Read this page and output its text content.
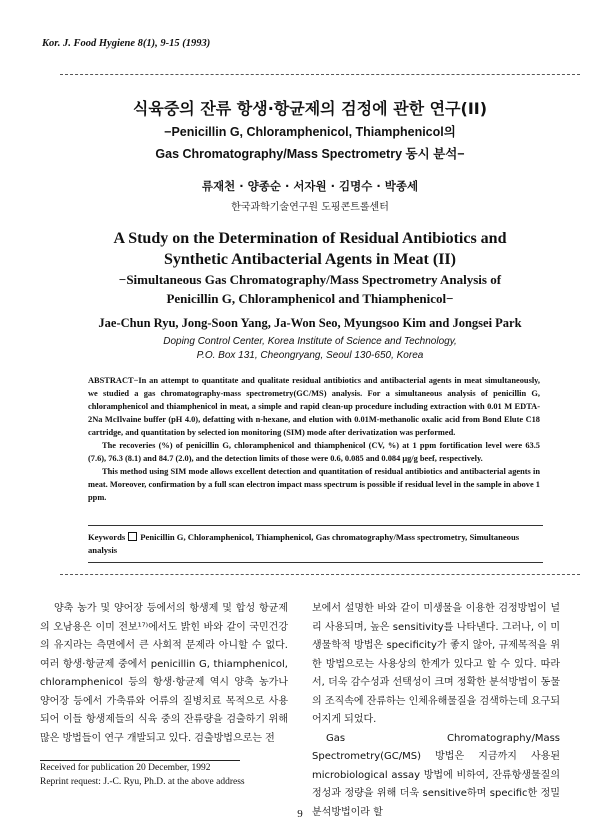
Kor. J. Food Hygiene 8(1), 9-15 (1993)
식육중의 잔류 항생·항균제의 검정에 관한 연구(II)
−Penicillin G, Chloramphenicol, Thiamphenicol의
Gas Chromatography/Mass Spectrometry 동시 분석−
류재천 · 양종순 · 서자원 · 김명수 · 박종세
한국과학기술연구원 도핑콘트롤센터
A Study on the Determination of Residual Antibiotics and
Synthetic Antibacterial Agents in Meat (II)
−Simultaneous Gas Chromatography/Mass Spectrometry Analysis of
Penicillin G, Chloramphenicol and Thiamphenicol−
Jae-Chun Ryu, Jong-Soon Yang, Ja-Won Seo, Myungsoo Kim and Jongsei Park
Doping Control Center, Korea Institute of Science and Technology,
P.O. Box 131, Cheongryang, Seoul 130-650, Korea

ABSTRACT−In an attempt to quantitate and qualitate residual antibiotics and antibacterial agents in meat simultaneously, we studied a gas chromatography-mass spectrometry(GC/MS) analysis. For a simultaneous analysis of penicillin G, chloramphenicol and thiamphenicol in meat, a simple and rapid clean-up procedure including extraction with 0.01 M EDTA-2Na McIlvaine buffer (pH 4.0), defatting with n-hexane, and elution with 0.01M-methanolic oxalic acid from Bond Elute C18 cartridge, and quantitation by selected ion monitoring (SIM) mode after derivatization was performed.

The recoveries (%) of penicillin G, chloramphenicol and thiamphenicol (CV, %) at 1 ppm fortification level were 63.5 (7.6), 76.3 (8.1) and 84.7 (2.0), and the detection limits of those were 0.6, 0.085 and 0.084 μg/g beef, respectively.

This method using SIM mode allows excellent detection and quantitation of residual antibiotics and antibacterial agents in meat. Moreover, confirmation by a full scan electron impact mass spectrum is possible if residual level in the sample in above 1 ppm.

Keywords Penicillin G, Chloramphenicol, Thiamphenicol, Gas chromatography/Mass spectrometry, Simultaneous analysis

양축 농가 및 양어장 등에서의 항생제 및 합성 항균제의 오남용은 이미 전보¹⁷⁾에서도 밝힌 바와 같이 국민건강의 유지라는 측면에서 큰 사회적 문제라 아니할 수 없다. 여러 항생·항균제 중에서 penicillin G, thiamphenicol, chloramphenicol 등의 항생·항균제 역시 양축 농가나 양어장 등에서 가축류와 어류의 질병치료 목적으로 사용되어 이들 항생제들의 식육 중의 잔류량을 검출하기 위해 많은 방법들이 연구 개발되고 있다. 검출방법으로는 전

보에서 설명한 바와 같이 미생물을 이용한 검정방법이 널리 사용되며, 높은 sensitivity를 나타낸다. 그러나, 이 미생물학적 방법은 specificity가 좋지 않아, 규제목적을 위한 방법으로는 사용상의 한계가 있다고 할 수 있다. 따라서, 더욱 감수성과 선택성이 크며 정확한 분석방법이 동물의 조직속에 잔류하는 인체유해물질을 검색하는데 요구되어지게 되었다.

Gas Chromatography/Mass Spectrometry(GC/MS) 방법은 지금까지 사용된 microbiological assay 방법에 비하여, 잔류항생물질의 정성과 정량을 위해 더욱 sensitive하며 specific한 정밀분석방법이라 할

Received for publication 20 December, 1992
Reprint request: J.-C. Ryu, Ph.D. at the above address
9
